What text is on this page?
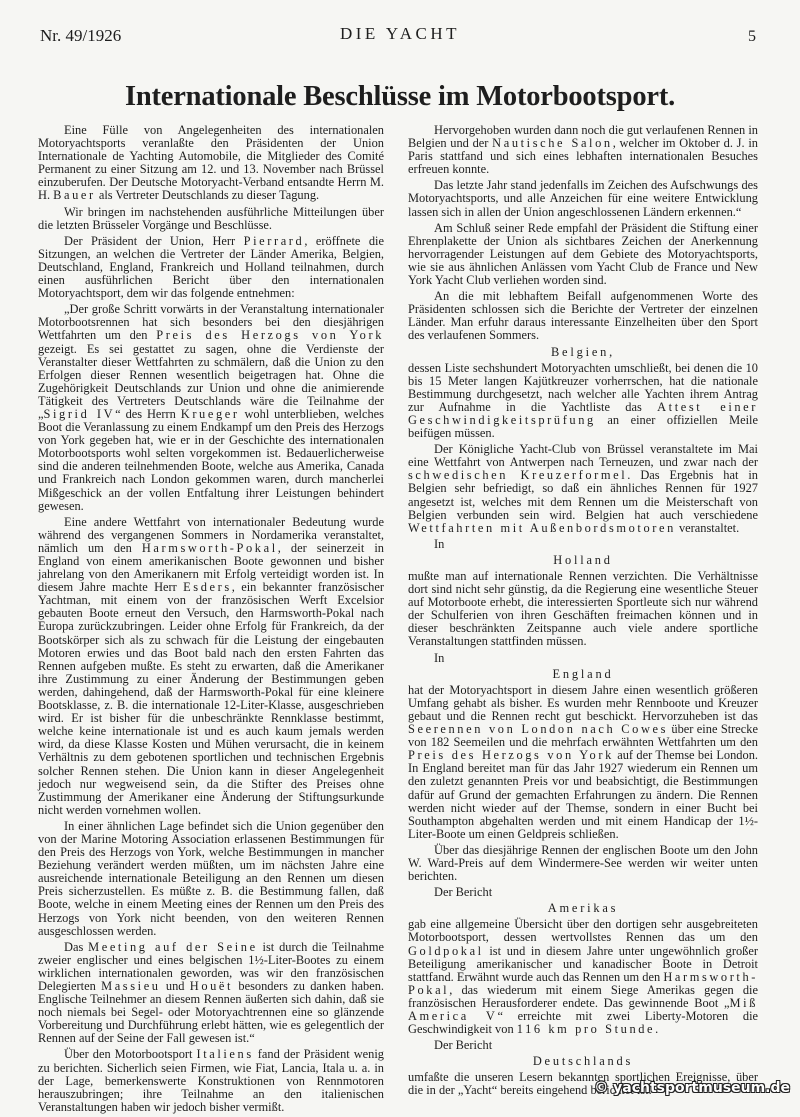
Nr. 49/1926	DIE YACHT	5
Internationale Beschlüsse im Motorbootsport.

Eine Fülle von Angelegenheiten des internationalen Motoryachtsports veranlaßte den Präsidenten der Union Internationale de Yachting Automobile, die Mitglieder des Comité Permanent zu einer Sitzung am 12. und 13. November nach Brüssel einzuberufen. Der Deutsche Motoryacht-Verband entsandte Herrn M. H. Bauer als Vertreter Deutschlands zu dieser Tagung.

Wir bringen im nachstehenden ausführliche Mitteilungen über die letzten Brüsseler Vorgänge und Beschlüsse.

Der Präsident der Union, Herr Pierrard, eröffnete die Sitzungen, an welchen die Vertreter der Länder Amerika, Belgien, Deutschland, England, Frankreich und Holland teilnahmen, durch einen ausführlichen Bericht über den internationalen Motoryachtsport, dem wir das folgende entnehmen:

„Der große Schritt vorwärts in der Veranstaltung internationaler Motorbootsrennen hat sich besonders bei den diesjährigen Wettfahrten um den Preis des Herzogs von York gezeigt. Es sei gestattet zu sagen, ohne die Verdienste der Veranstalter dieser Wettfahrten zu schmälern, daß die Union zu den Erfolgen dieser Rennen wesentlich beigetragen hat. Ohne die Zugehörigkeit Deutschlands zur Union und ohne die animierende Tätigkeit des Vertreters Deutschlands wäre die Teilnahme der „Sigrid IV“ des Herrn Krueger wohl unterblieben, welches Boot die Veranlassung zu einem Endkampf um den Preis des Herzogs von York gegeben hat, wie er in der Geschichte des internationalen Motorbootsports wohl selten vorgekommen ist. Bedauerlicherweise sind die anderen teilnehmenden Boote, welche aus Amerika, Canada und Frankreich nach London gekommen waren, durch mancherlei Mißgeschick an der vollen Entfaltung ihrer Leistungen behindert gewesen.

Eine andere Wettfahrt von internationaler Bedeutung wurde während des vergangenen Sommers in Nordamerika veranstaltet, nämlich um den Harmsworth-Pokal, der seinerzeit in England von einem amerikanischen Boote gewonnen und bisher jahrelang von den Amerikanern mit Erfolg verteidigt worden ist. In diesem Jahre machte Herr Esders, ein bekannter französischer Yachtman, mit einem von der französischen Werft Excelsior gebauten Boote erneut den Versuch, den Harmsworth-Pokal nach Europa zurückzubringen. Leider ohne Erfolg für Frankreich, da der Bootskörper sich als zu schwach für die Leistung der eingebauten Motoren erwies und das Boot bald nach den ersten Fahrten das Rennen aufgeben mußte. Es steht zu erwarten, daß die Amerikaner ihre Zustimmung zu einer Änderung der Bestimmungen geben werden, dahingehend, daß der Harmsworth-Pokal für eine kleinere Bootsklasse, z. B. die internationale 12-Liter-Klasse, ausgeschrieben wird. Er ist bisher für die unbeschränkte Rennklasse bestimmt, welche keine internationale ist und es auch kaum jemals werden wird, da diese Klasse Kosten und Mühen verursacht, die in keinem Verhältnis zu dem gebotenen sportlichen und technischen Ergebnis solcher Rennen stehen. Die Union kann in dieser Angelegenheit jedoch nur wegweisend sein, da die Stifter des Preises ohne Zustimmung der Amerikaner eine Änderung der Stiftungsurkunde nicht werden vornehmen wollen.

In einer ähnlichen Lage befindet sich die Union gegenüber den von der Marine Motoring Association erlassenen Bestimmungen für den Preis des Herzogs von York, welche Bestimmungen in mancher Beziehung verändert werden müßten, um im nächsten Jahre eine ausreichende internationale Beteiligung an den Rennen um diesen Preis sicherzustellen. Es müßte z. B. die Bestimmung fallen, daß Boote, welche in einem Meeting eines der Rennen um den Preis des Herzogs von York nicht beenden, von den weiteren Rennen ausgeschlossen werden.

Das Meeting auf der Seine ist durch die Teilnahme zweier englischer und eines belgischen 1½-Liter-Bootes zu einem wirklichen internationalen geworden, was wir den französischen Delegierten Massieu und Houët besonders zu danken haben. Englische Teilnehmer an diesem Rennen äußerten sich dahin, daß sie noch niemals bei Segel- oder Motoryachtrennen eine so glänzende Vorbereitung und Durchführung erlebt hätten, wie es gelegentlich der Rennen auf der Seine der Fall gewesen ist.“

Über den Motorbootsport Italiens fand der Präsident wenig zu berichten. Sicherlich seien Firmen, wie Fiat, Lancia, Itala u. a. in der Lage, bemerkenswerte Konstruktionen von Rennmotoren herauszubringen; ihre Teilnahme an den italienischen Veranstaltungen haben wir jedoch bisher vermißt.

Hervorgehoben wurden dann noch die gut verlaufenen Rennen in Belgien und der Nautische Salon, welcher im Oktober d. J. in Paris stattfand und sich eines lebhaften internationalen Besuches erfreuen konnte.

Das letzte Jahr stand jedenfalls im Zeichen des Aufschwungs des Motoryachtsports, und alle Anzeichen für eine weitere Entwicklung lassen sich in allen der Union angeschlossenen Ländern erkennen.“

Am Schluß seiner Rede empfahl der Präsident die Stiftung einer Ehrenplakette der Union als sichtbares Zeichen der Anerkennung hervorragender Leistungen auf dem Gebiete des Motoryachtsports, wie sie aus ähnlichen Anlässen vom Yacht Club de France und New York Yacht Club verliehen worden sind.

An die mit lebhaftem Beifall aufgenommenen Worte des Präsidenten schlossen sich die Berichte der Vertreter der einzelnen Länder. Man erfuhr daraus interessante Einzelheiten über den Sport des verlaufenen Sommers.

Belgien,

dessen Liste sechshundert Motoryachten umschließt, bei denen die 10 bis 15 Meter langen Kajütkreuzer vorherrschen, hat die nationale Bestimmung durchgesetzt, nach welcher alle Yachten ihrem Antrag zur Aufnahme in die Yachtliste das Attest einer Geschwindigkeitsprüfung an einer offiziellen Meile beifügen müssen.

Der Königliche Yacht-Club von Brüssel veranstaltete im Mai eine Wettfahrt von Antwerpen nach Terneuzen, und zwar nach der schwedischen Kreuzerformel. Das Ergebnis hat in Belgien sehr befriedigt, so daß ein ähnliches Rennen für 1927 angesetzt ist, welches mit dem Rennen um die Meisterschaft von Belgien verbunden sein wird. Belgien hat auch verschiedene Wettfahrten mit Außenbordsmotoren veranstaltet.

In

Holland

mußte man auf internationale Rennen verzichten. Die Verhältnisse dort sind nicht sehr günstig, da die Regierung eine wesentliche Steuer auf Motorboote erhebt, die interessierten Sportleute sich nur während der Schulferien von ihren Geschäften freimachen können und in dieser beschränkten Zeitspanne auch viele andere sportliche Veranstaltungen stattfinden müssen.

In

England

hat der Motoryachtsport in diesem Jahre einen wesentlich größeren Umfang gehabt als bisher. Es wurden mehr Rennboote und Kreuzer gebaut und die Rennen recht gut beschickt. Hervorzuheben ist das Seerennen von London nach Cowes über eine Strecke von 182 Seemeilen und die mehrfach erwähnten Wettfahrten um den Preis des Herzogs von York auf der Themse bei London. In England bereitet man für das Jahr 1927 wiederum ein Rennen um den zuletzt genannten Preis vor und beabsichtigt, die Bestimmungen dafür auf Grund der gemachten Erfahrungen zu ändern. Die Rennen werden nicht wieder auf der Themse, sondern in einer Bucht bei Southampton abgehalten werden und mit einem Handicap der 1½-Liter-Boote um einen Geldpreis schließen.

Über das diesjährige Rennen der englischen Boote um den John W. Ward-Preis auf dem Windermere-See werden wir weiter unten berichten.

Der Bericht

Amerikas

gab eine allgemeine Übersicht über den dortigen sehr ausgebreiteten Motorbootsport, dessen wertvollstes Rennen das um den Goldpokal ist und in diesem Jahre unter ungewöhnlich großer Beteiligung amerikanischer und kanadischer Boote in Detroit stattfand. Erwähnt wurde auch das Rennen um den Harmsworth-Pokal, das wiederum mit einem Siege Amerikas gegen die französischen Herausforderer endete. Das gewinnende Boot „Miß America V“ erreichte mit zwei Liberty-Motoren die Geschwindigkeit von 116 km pro Stunde.

Der Bericht

Deutschlands

umfaßte die unseren Lesern bekannten sportlichen Ereignisse, über die in der „Yacht“ bereits eingehend berichtet ist.

© yachtsportmuseum.de
